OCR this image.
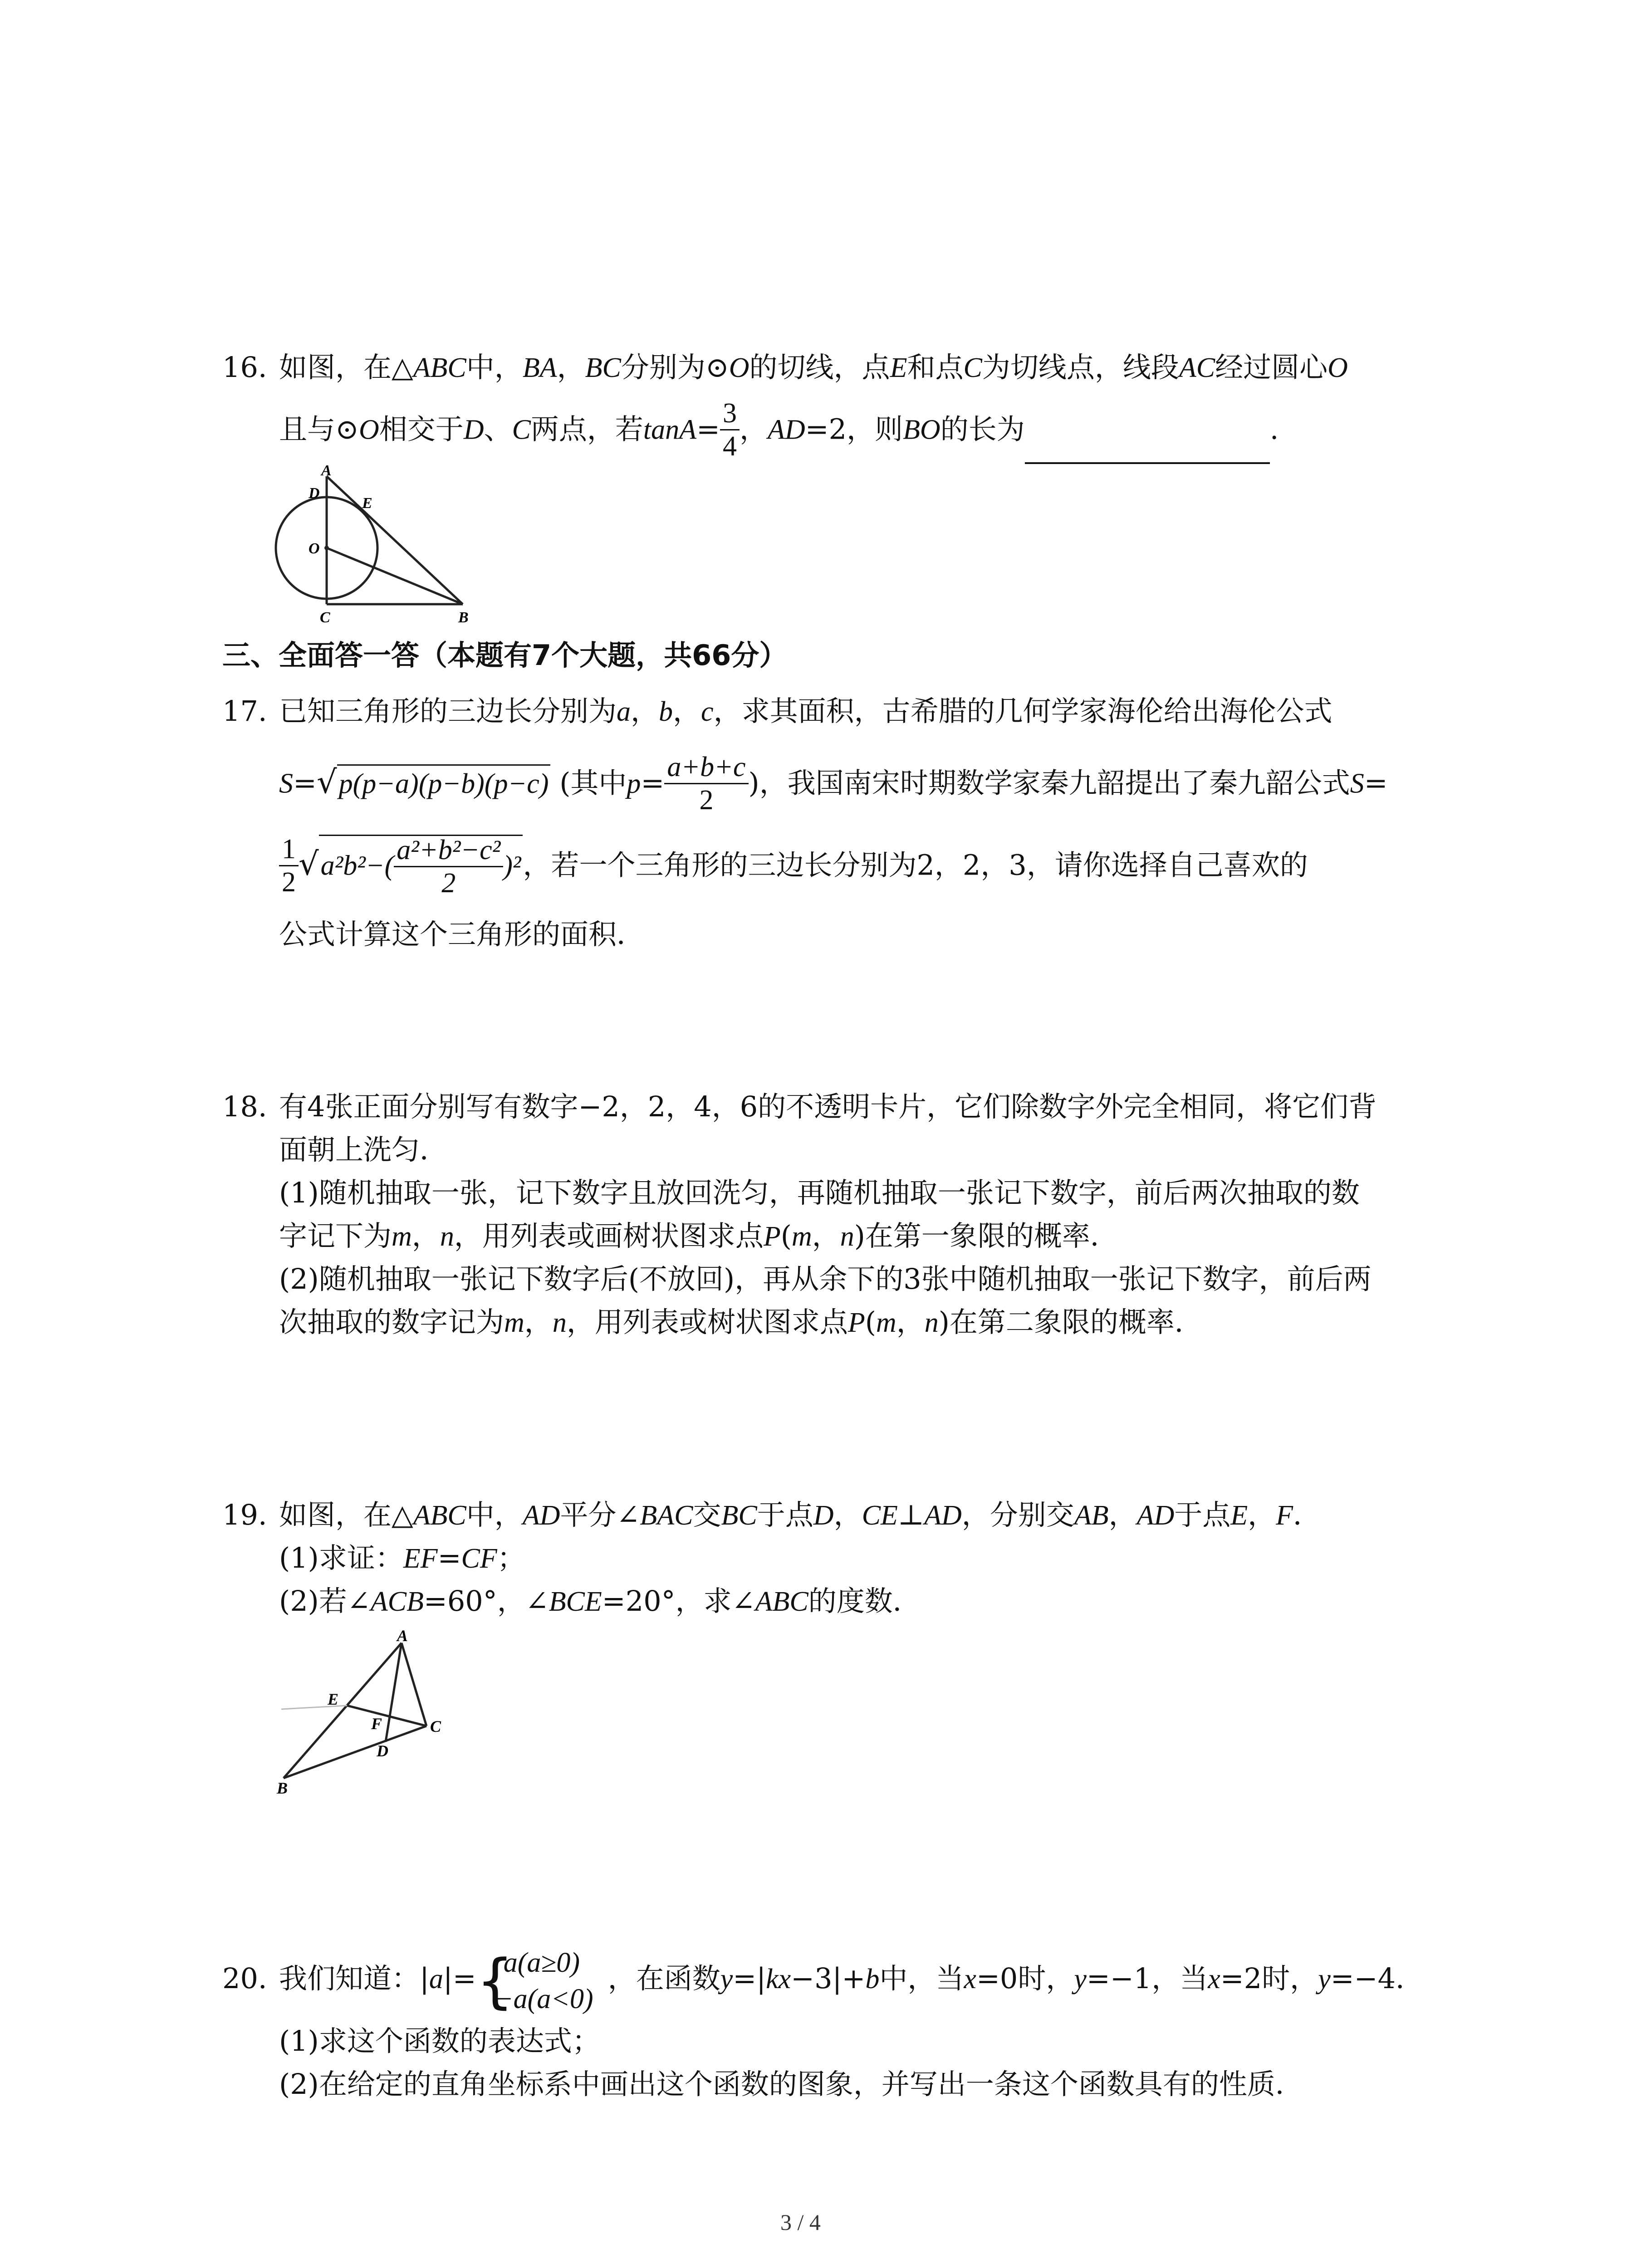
16. 如图，在△ABC中，BA，BC分别为⊙O的切线，点E和点C为切线点，线段AC经过圆心O
且与⊙O相交于D、C两点，若$\tan A= \frac{3}{4}$ ，AD=2，则BO的长为	.
A
D
E
O
C	B
三、全面答一答（本题有7个大题，共66分）
17. 已知三角形的三边长分别为a，b，c，求其面积，古希腊的几何学家海伦给出海伦公式
S=√p(p−a)(p−b)(p−c) (其中$p= \frac{a+b+c}{2}$ )，我国南宋时期数学家秦九韶提出了秦九韶公式S=
$\frac{1}{2} √a^2b^2-( \frac{\text{a²+b²−c²}}{2} )^2$，若一个三角形的三边长分别为2，2，3，请你选择自己喜欢的
公式计算这个三角形的面积．
18. 有4张正面分别写有数字−2，2，4，6的不透明卡片，它们除数字外完全相同，将它们背
面朝上洗匀．
(1)随机抽取一张，记下数字且放回洗匀，再随机抽取一张记下数字，前后两次抽取的数
字记下为m，n，用列表或画树状图求点P(m，n)在第一象限的概率．
(2)随机抽取一张记下数字后(不放回)，再从余下的3张中随机抽取一张记下数字，前后两
次抽取的数字记为m，n，用列表或树状图求点P(m，n)在第二象限的概率．
19. 如图，在△ABC中，AD平分∠BAC交BC于点D，CE⊥AD，分别交AB，AD于点E，F．
(1)求证：EF=CF；
(2)若∠ACB=60°，∠BCE=20°，求∠ABC的度数．
A
E
F	C
D
B
20. 我们知道：|a|= {
a(a≥0)
−a(a<0)
，在函数y=|kx−3|+b中，当x=0时，y=−1，当x=2时，y=−4．
(1)求这个函数的表达式；
(2)在给定的直角坐标系中画出这个函数的图象，并写出一条这个函数具有的性质．
3 / 4
